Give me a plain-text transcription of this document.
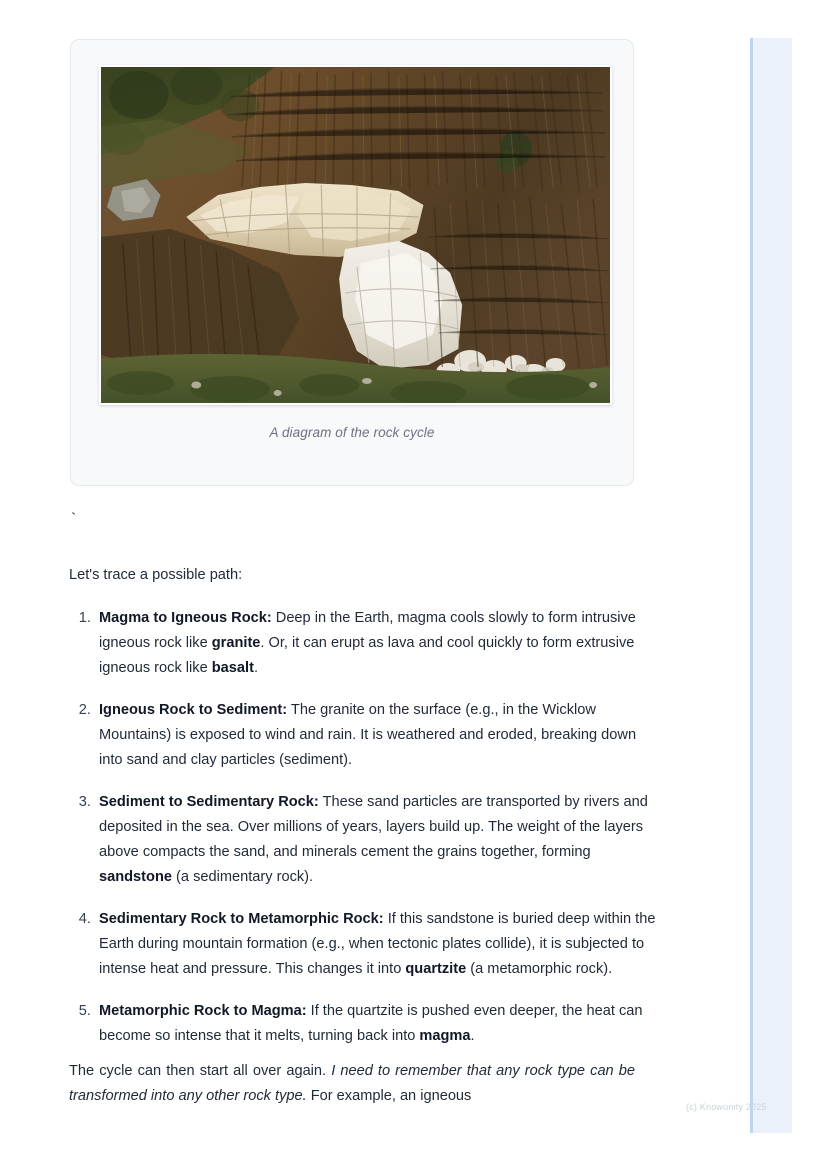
A diagram of the rock cycle
`
Let's trace a possible path:
1. Magma to Igneous Rock: Deep in the Earth, magma cools slowly to form intrusive igneous rock like granite. Or, it can erupt as lava and cool quickly to form extrusive igneous rock like basalt.
2. Igneous Rock to Sediment: The granite on the surface (e.g., in the Wicklow Mountains) is exposed to wind and rain. It is weathered and eroded, breaking down into sand and clay particles (sediment).
3. Sediment to Sedimentary Rock: These sand particles are transported by rivers and deposited in the sea. Over millions of years, layers build up. The weight of the layers above compacts the sand, and minerals cement the grains together, forming sandstone (a sedimentary rock).
4. Sedimentary Rock to Metamorphic Rock: If this sandstone is buried deep within the Earth during mountain formation (e.g., when tectonic plates collide), it is subjected to intense heat and pressure. This changes it into quartzite (a metamorphic rock).
5. Metamorphic Rock to Magma: If the quartzite is pushed even deeper, the heat can become so intense that it melts, turning back into magma.
The cycle can then start all over again. I need to remember that any rock type can be transformed into any other rock type. For example, an igneous
(c) Knowunity 2025
